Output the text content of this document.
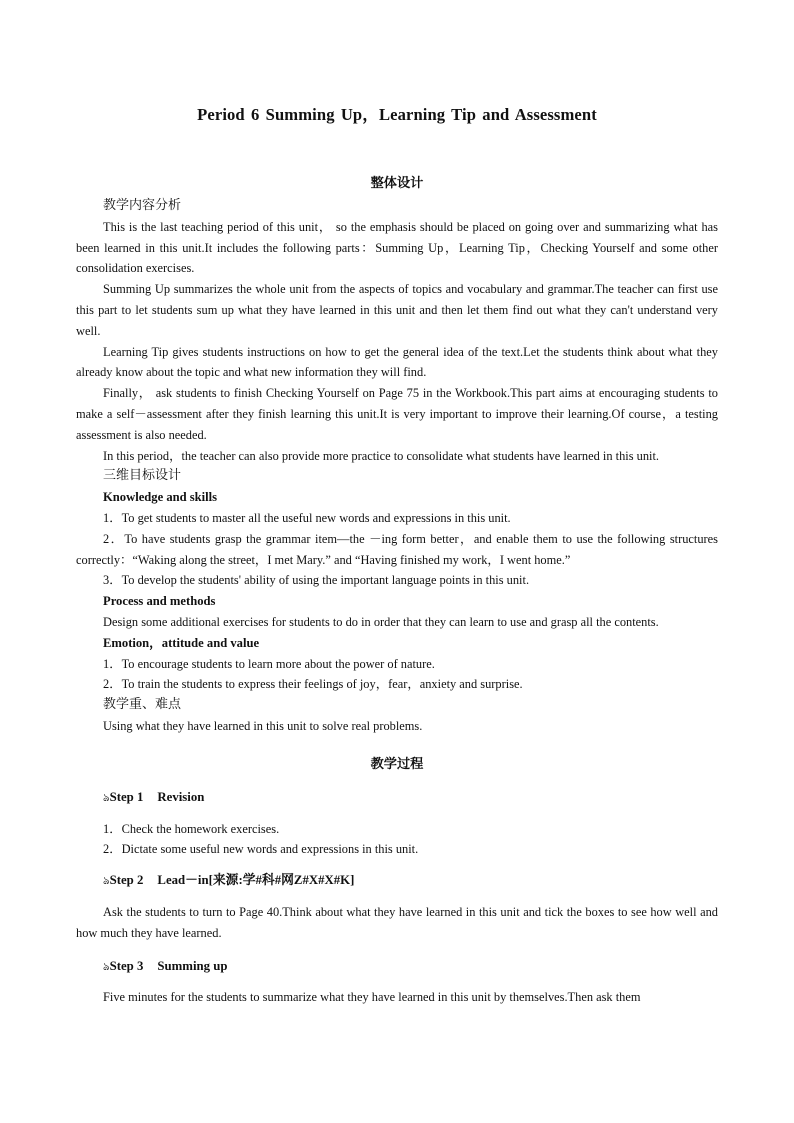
Period 6 Summing Up，Learning Tip and Assessment
整体设计
教学内容分析

This is the last teaching period of this unit， so the emphasis should be placed on going over and summarizing what has been learned in this unit.It includes the following parts：Summing Up，Learning Tip，Checking Yourself and some other consolidation exercises.

Summing Up summarizes the whole unit from the aspects of topics and vocabulary and grammar.The teacher can first use this part to let students sum up what they have learned in this unit and then let them find out what they can't understand very well.

Learning Tip gives students instructions on how to get the general idea of the text.Let the students think about what they already know about the topic and what new information they will find.

Finally， ask students to finish Checking Yourself on Page 75 in the Workbook.This part aims at encouraging students to make a self－assessment after they finish learning this unit.It is very important to improve their learning.Of course，a testing assessment is also needed.

In this period，the teacher can also provide more practice to consolidate what students have learned in this unit.

三维目标设计
Knowledge and skills

1．To get students to master all the useful new words and expressions in this unit.

2．To have students grasp the grammar item—the －ing form better，and enable them to use the following structures correctly：“Waking along the street，I met Mary.” and “Having finished my work，I went home.”

3．To develop the students' ability of using the important language points in this unit.

Process and methods

Design some additional exercises for students to do in order that they can learn to use and grasp all the contents.

Emotion，attitude and value

1．To encourage students to learn more about the power of nature.

2．To train the students to express their feelings of joy，fear，anxiety and surprise.

教学重、难点

Using what they have learned in this unit to solve real problems.

教学过程
ঌStep 1 Revision

1．Check the homework exercises.

2．Dictate some useful new words and expressions in this unit.

ঌStep 2 Lead－in[来源:学#科#网Z#X#X#K]

Ask the students to turn to Page 40.Think about what they have learned in this unit and tick the boxes to see how well and how much they have learned.

ঌStep 3 Summing up

Five minutes for the students to summarize what they have learned in this unit by themselves.Then ask them
